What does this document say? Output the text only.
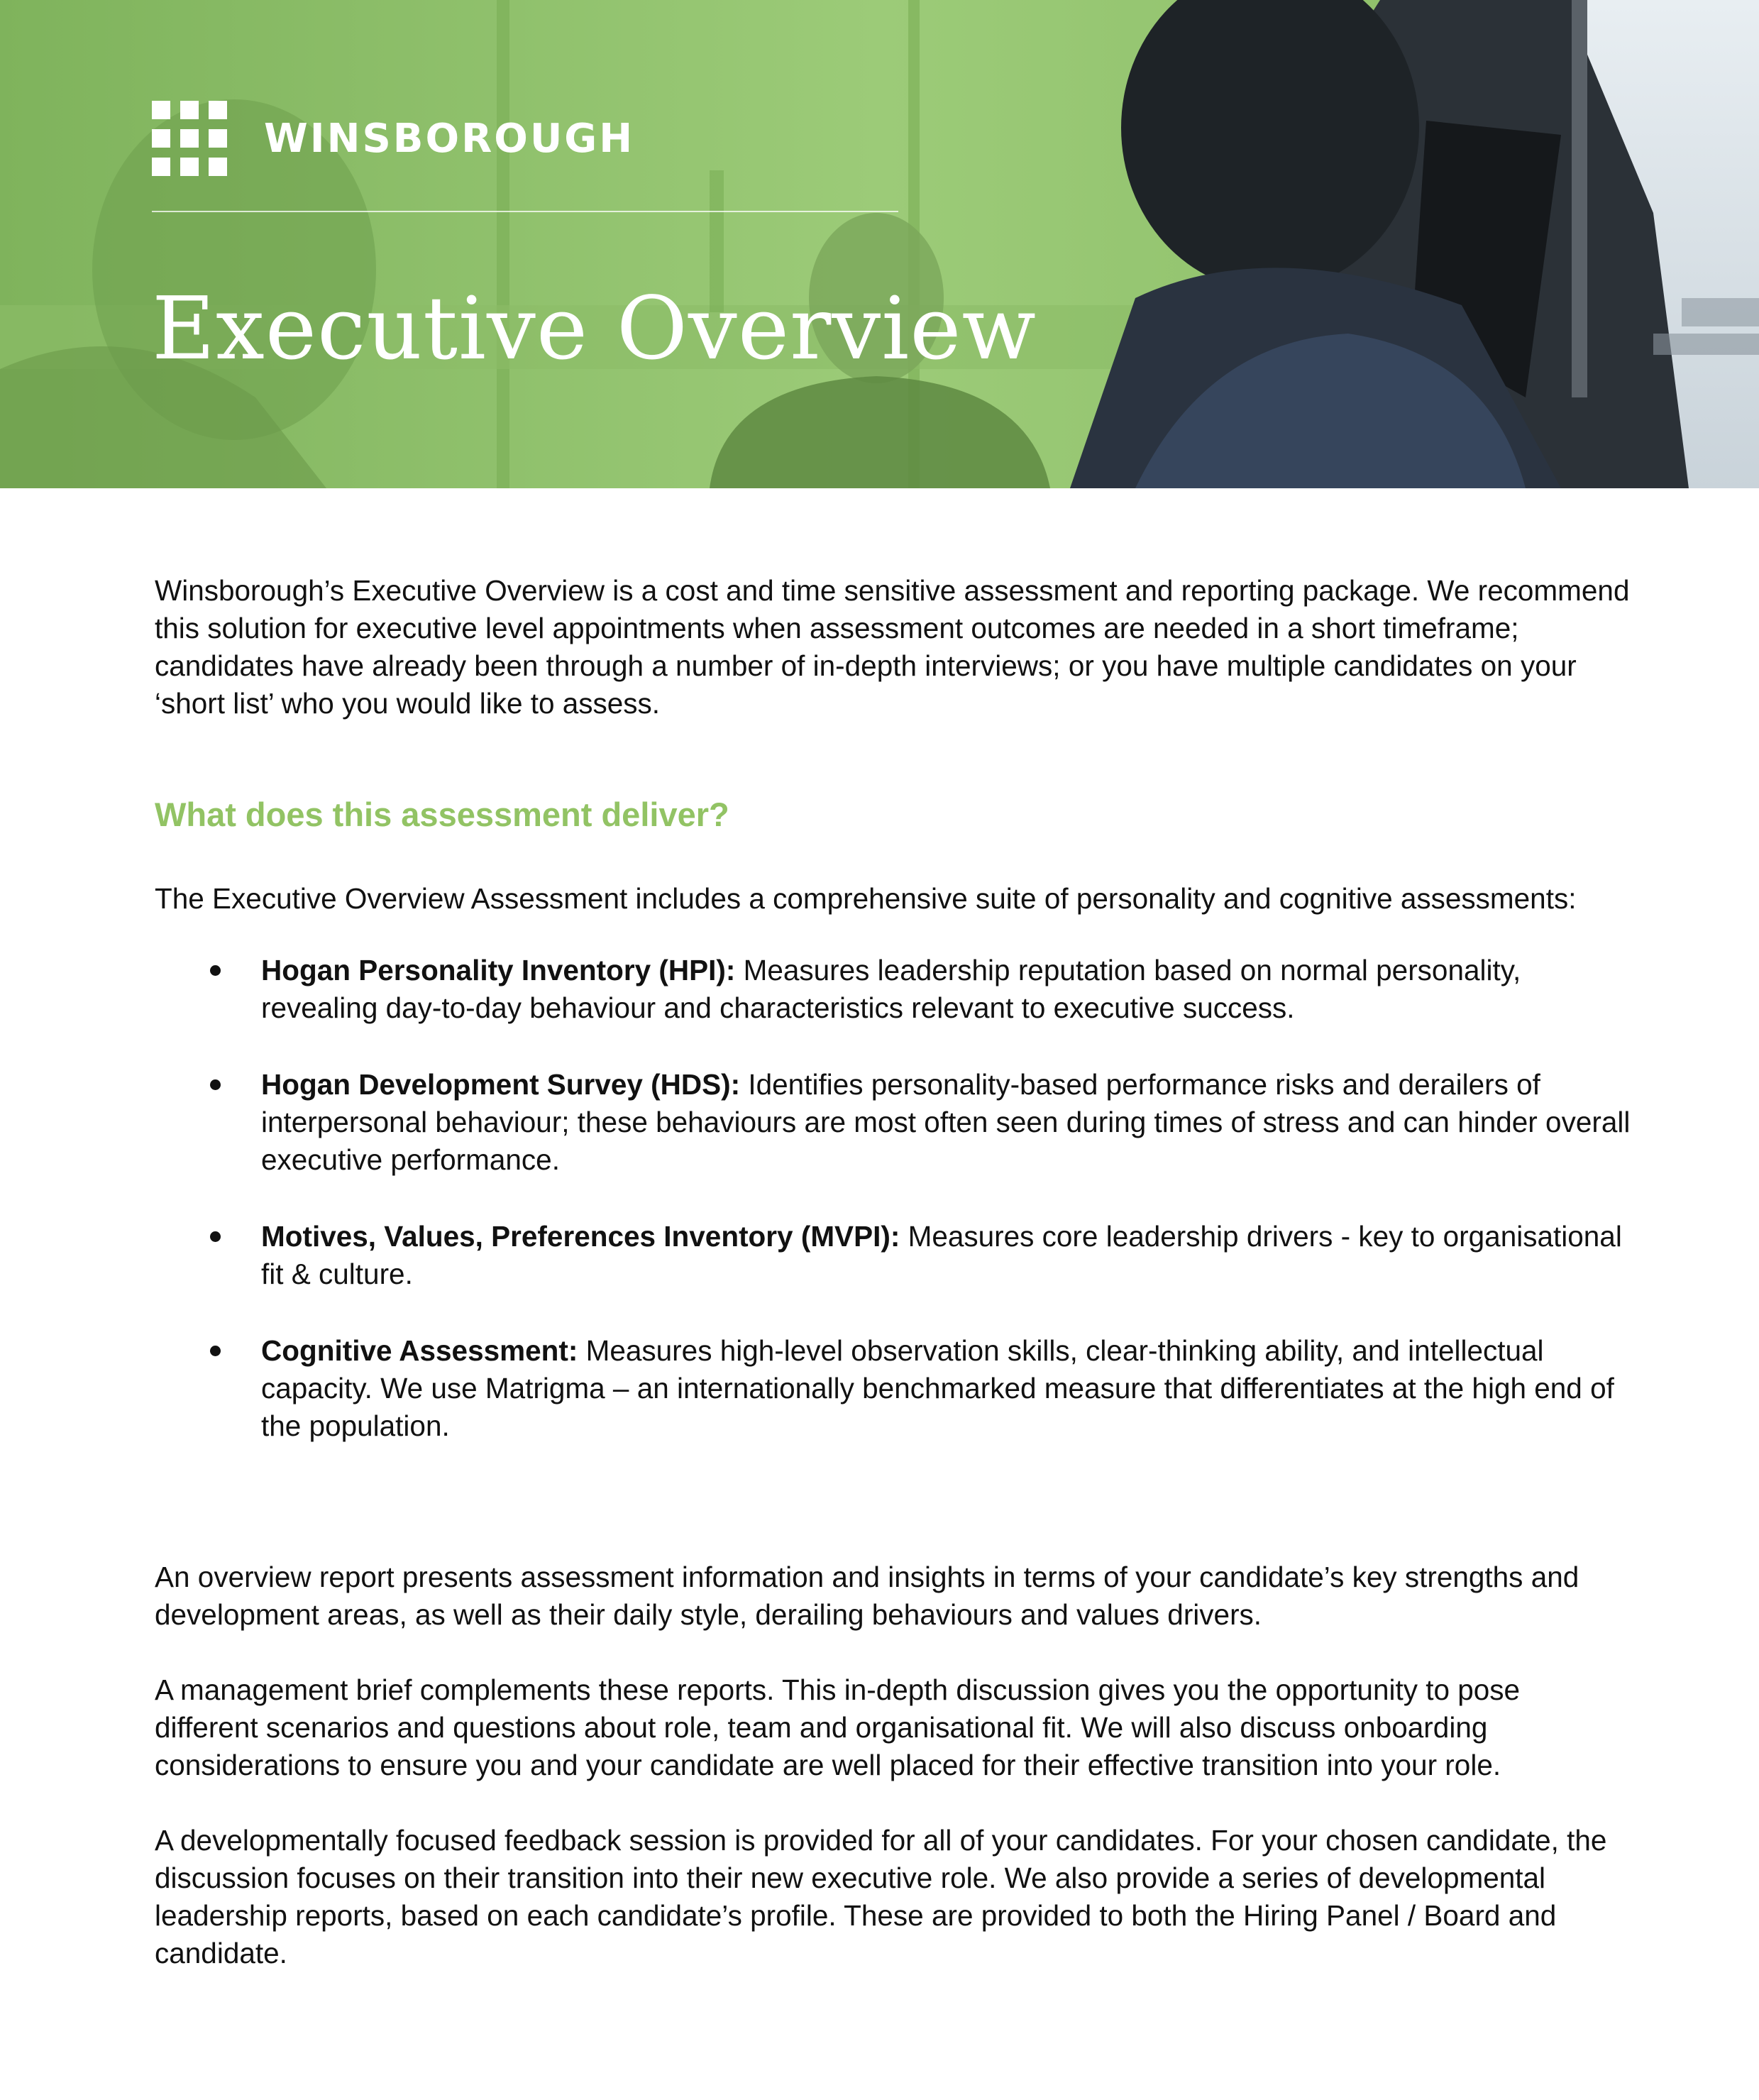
WINSBOROUGH
Executive Overview

Winsborough’s Executive Overview is a cost and time sensitive assessment and reporting package. We recommend this solution for executive level appointments when assessment outcomes are needed in a short timeframe; candidates have already been through a number of in-depth interviews; or you have multiple candidates on your ‘short list’ who you would like to assess.

What does this assessment deliver?

The Executive Overview Assessment includes a comprehensive suite of personality and cognitive assessments:

Hogan Personality Inventory (HPI): Measures leadership reputation based on normal personality, revealing day-to-day behaviour and characteristics relevant to executive success.
Hogan Development Survey (HDS): Identifies personality-based performance risks and derailers of interpersonal behaviour; these behaviours are most often seen during times of stress and can hinder overall executive performance.
Motives, Values, Preferences Inventory (MVPI): Measures core leadership drivers - key to organisational fit & culture.
Cognitive Assessment: Measures high-level observation skills, clear-thinking ability, and intellectual capacity. We use Matrigma – an internationally benchmarked measure that differentiates at the high end of the population.

An overview report presents assessment information and insights in terms of your candidate’s key strengths and development areas, as well as their daily style, derailing behaviours and values drivers.

A management brief complements these reports. This in-depth discussion gives you the opportunity to pose different scenarios and questions about role, team and organisational fit. We will also discuss onboarding considerations to ensure you and your candidate are well placed for their effective transition into your role.

A developmentally focused feedback session is provided for all of your candidates. For your chosen candidate, the discussion focuses on their transition into their new executive role. We also provide a series of developmental leadership reports, based on each candidate’s profile. These are provided to both the Hiring Panel / Board and candidate.
